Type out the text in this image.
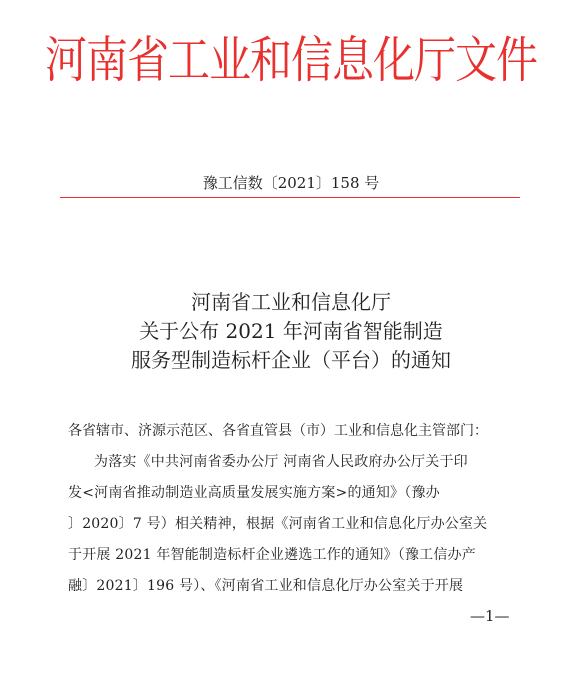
河南省工业和信息化厅文件
豫工信数〔2021〕158 号
河南省工业和信息化厅
关于公布 2021 年河南省智能制造
服务型制造标杆企业（平台）的通知
各省辖市、济源示范区、各省直管县（市）工业和信息化主管部门：
为落实《中共河南省委办公厅 河南省人民政府办公厅关于印
发<河南省推动制造业高质量发展实施方案>的通知》（豫办
〕2020〕7 号）相关精神，根据《河南省工业和信息化厅办公室关
于开展 2021 年智能制造标杆企业遴选工作的通知》（豫工信办产
融〕2021〕196 号）、《河南省工业和信息化厅办公室关于开展
—1—
